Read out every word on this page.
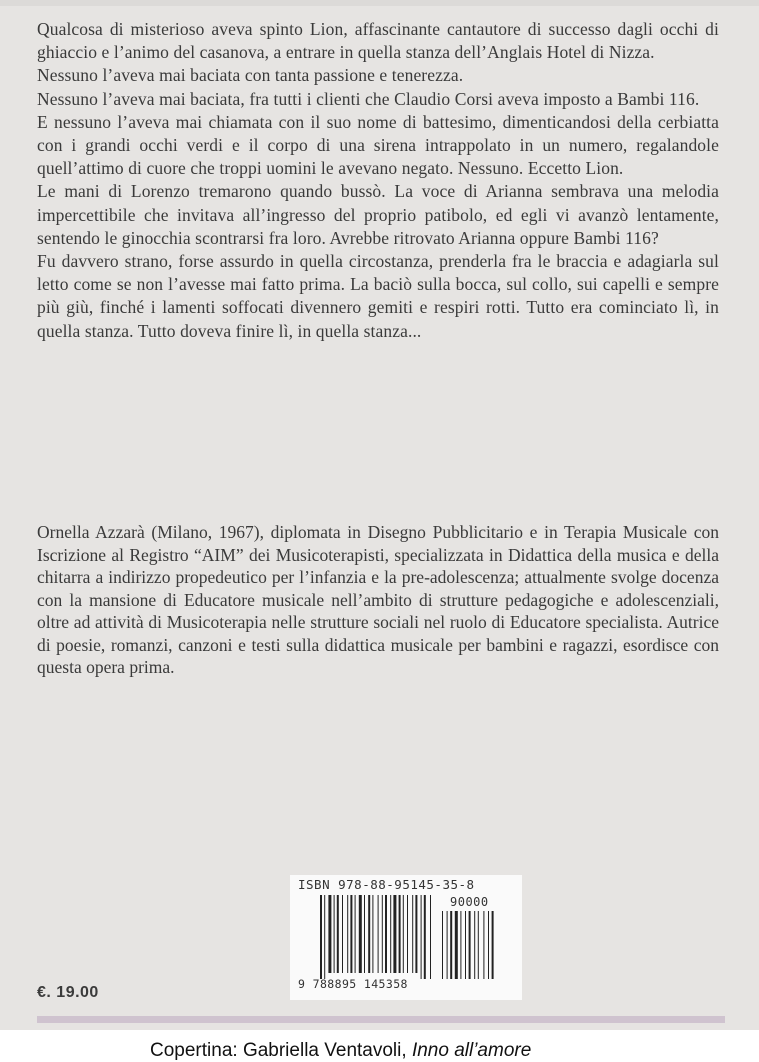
Qualcosa di misterioso aveva spinto Lion, affascinante cantautore di successo dagli occhi di ghiaccio e l’animo del casanova, a entrare in quella stanza dell’Anglais Hotel di Nizza.

Nessuno l’aveva mai baciata con tanta passione e tenerezza.

Nessuno l’aveva mai baciata, fra tutti i clienti che Claudio Corsi aveva imposto a Bambi 116.

E nessuno l’aveva mai chiamata con il suo nome di battesimo, dimenticandosi della cerbiatta con i grandi occhi verdi e il corpo di una sirena intrappolato in un numero, regalandole quell’attimo di cuore che troppi uomini le avevano negato. Nessuno. Eccetto Lion.

Le mani di Lorenzo tremarono quando bussò. La voce di Arianna sembrava una melodia impercettibile che invitava all’ingresso del proprio patibolo, ed egli vi avanzò lentamente, sentendo le ginocchia scontrarsi fra loro. Avrebbe ritrovato Arianna oppure Bambi 116?

Fu davvero strano, forse assurdo in quella circostanza, prenderla fra le braccia e adagiarla sul letto come se non l’avesse mai fatto prima. La baciò sulla bocca, sul collo, sui capelli e sempre più giù, finché i lamenti soffocati divennero gemiti e respiri rotti. Tutto era cominciato lì, in quella stanza. Tutto doveva finire lì, in quella stanza...

Ornella Azzarà (Milano, 1967), diplomata in Disegno Pubblicitario e in Terapia Musicale con Iscrizione al Registro “AIM” dei Musicoterapisti, specializzata in Didattica della musica e della chitarra a indirizzo propedeutico per l’infanzia e la pre-adolescenza; attualmente svolge docenza con la mansione di Educatore musicale nell’ambito di strutture pedagogiche e adolescenziali, oltre ad attività di Musicoterapia nelle strutture sociali nel ruolo di Educatore specialista. Autrice di poesie, romanzi, canzoni e testi sulla didattica musicale per bambini e ragazzi, esordisce con questa opera prima.

ISBN 978-88-95145-35-8
90000
9 788895 145358
€. 19.00
Copertina: Gabriella Ventavoli, Inno all’amore
